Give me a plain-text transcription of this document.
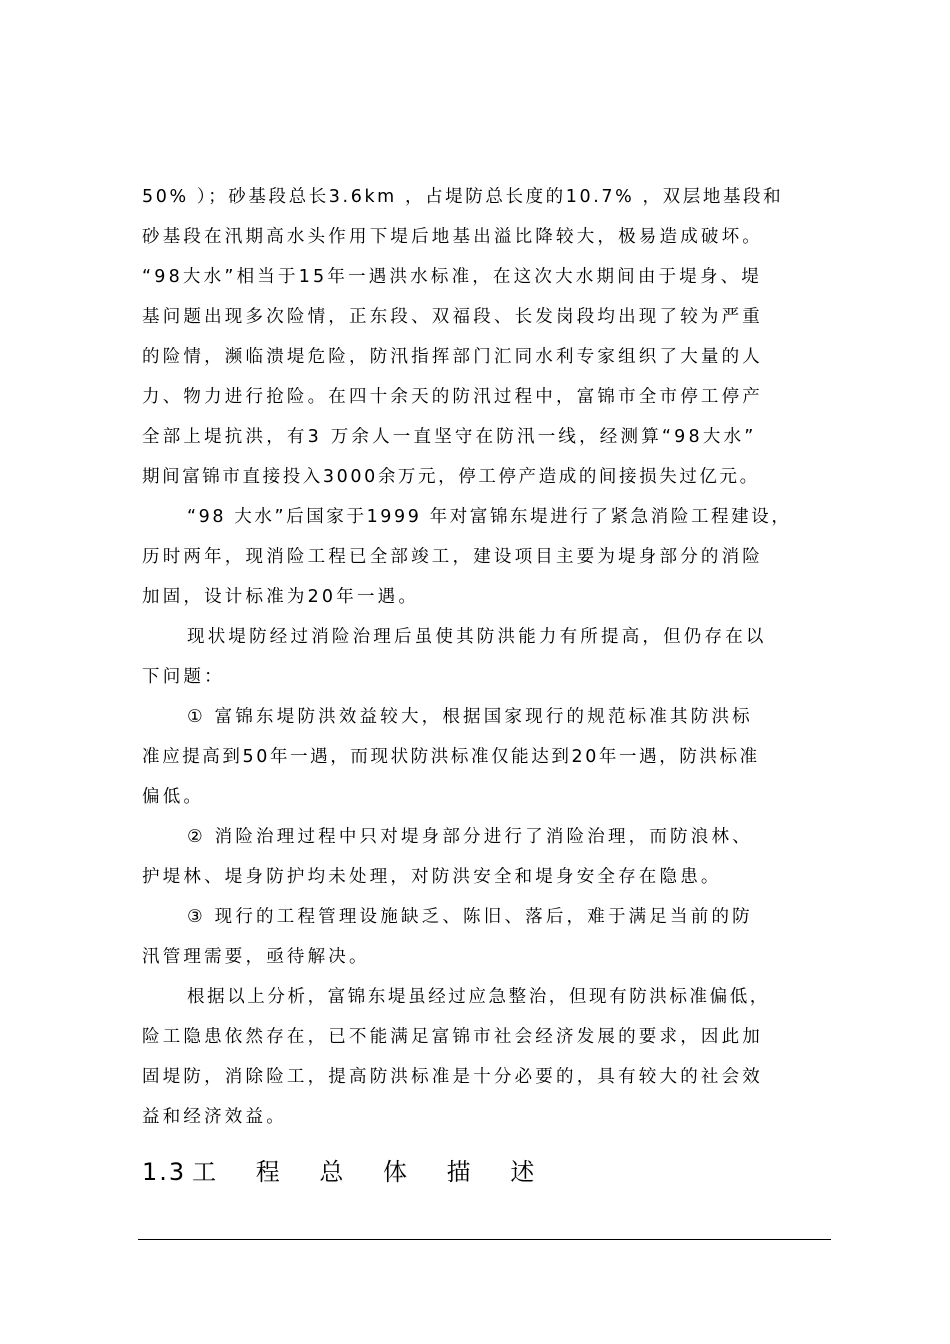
50% ）；砂基段总长3.6km ，占堤防总长度的10.7% ，双层地基段和
砂基段在汛期高水头作用下堤后地基出溢比降较大，极易造成破坏。
“98大水”相当于15年一遇洪水标准，在这次大水期间由于堤身、堤
基问题出现多次险情，正东段、双福段、长发岗段均出现了较为严重
的险情，濒临溃堤危险，防汛指挥部门汇同水利专家组织了大量的人
力、物力进行抢险。在四十余天的防汛过程中，富锦市全市停工停产
全部上堤抗洪，有3 万余人一直坚守在防汛一线，经测算“98大水”
期间富锦市直接投入3000余万元，停工停产造成的间接损失过亿元。
“98 大水”后国家于1999 年对富锦东堤进行了紧急消险工程建设，
历时两年，现消险工程已全部竣工，建设项目主要为堤身部分的消险
加固，设计标准为20年一遇。
现状堤防经过消险治理后虽使其防洪能力有所提高，但仍存在以
下问题：
① 富锦东堤防洪效益较大，根据国家现行的规范标准其防洪标
准应提高到50年一遇，而现状防洪标准仅能达到20年一遇，防洪标准
偏低。
② 消险治理过程中只对堤身部分进行了消险治理，而防浪林、
护堤林、堤身防护均未处理，对防洪安全和堤身安全存在隐患。
③ 现行的工程管理设施缺乏、陈旧、落后，难于满足当前的防
汛管理需要，亟待解决。
根据以上分析，富锦东堤虽经过应急整治，但现有防洪标准偏低，
险工隐患依然存在，已不能满足富锦市社会经济发展的要求，因此加
固堤防，消除险工，提高防洪标准是十分必要的，具有较大的社会效
益和经济效益。
1.3 工 程 总 体 描 述
